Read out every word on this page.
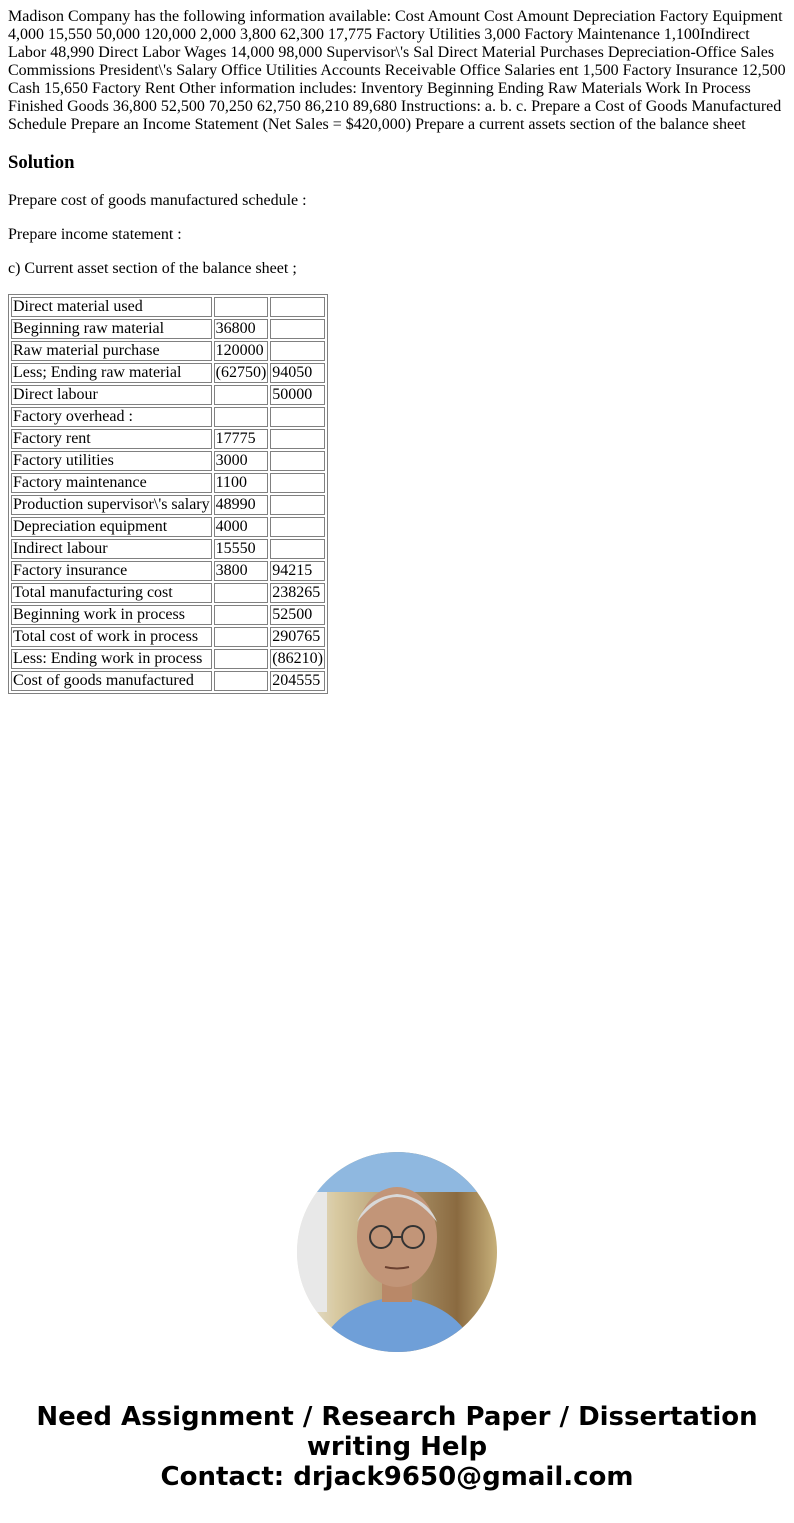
Madison Company has the following information available: Cost Amount Cost Amount Depreciation Factory Equipment 4,000 15,550 50,000 120,000 2,000 3,800 62,300 17,775 Factory Utilities 3,000 Factory Maintenance 1,100Indirect Labor 48,990 Direct Labor Wages 14,000 98,000 Supervisor\'s Sal Direct Material Purchases Depreciation-Office Sales Commissions President\'s Salary Office Utilities Accounts Receivable Office Salaries ent 1,500 Factory Insurance 12,500 Cash 15,650 Factory Rent Other information includes: Inventory Beginning Ending Raw Materials Work In Process Finished Goods 36,800 52,500 70,250 62,750 86,210 89,680 Instructions: a. b. c. Prepare a Cost of Goods Manufactured Schedule Prepare an Income Statement (Net Sales = $420,000) Prepare a current assets section of the balance sheet

Solution

Prepare cost of goods manufactured schedule :

Prepare income statement :

c) Current asset section of the balance sheet ;

Direct material used		
Beginning raw material	36800	
Raw material purchase	120000	
Less; Ending raw material	(62750)	94050
Direct labour		50000
Factory overhead :		
Factory rent	17775	
Factory utilities	3000	
Factory maintenance	1100	
Production supervisor\'s salary	48990	
Depreciation equipment	4000	
Indirect labour	15550	
Factory insurance	3800	94215
Total manufacturing cost		238265
Beginning work in process		52500
Total cost of work in process		290765
Less: Ending work in process		(86210)
Cost of goods manufactured		204555
Need Assignment / Research Paper / Dissertation
writing Help
Contact: drjack9650@gmail.com
